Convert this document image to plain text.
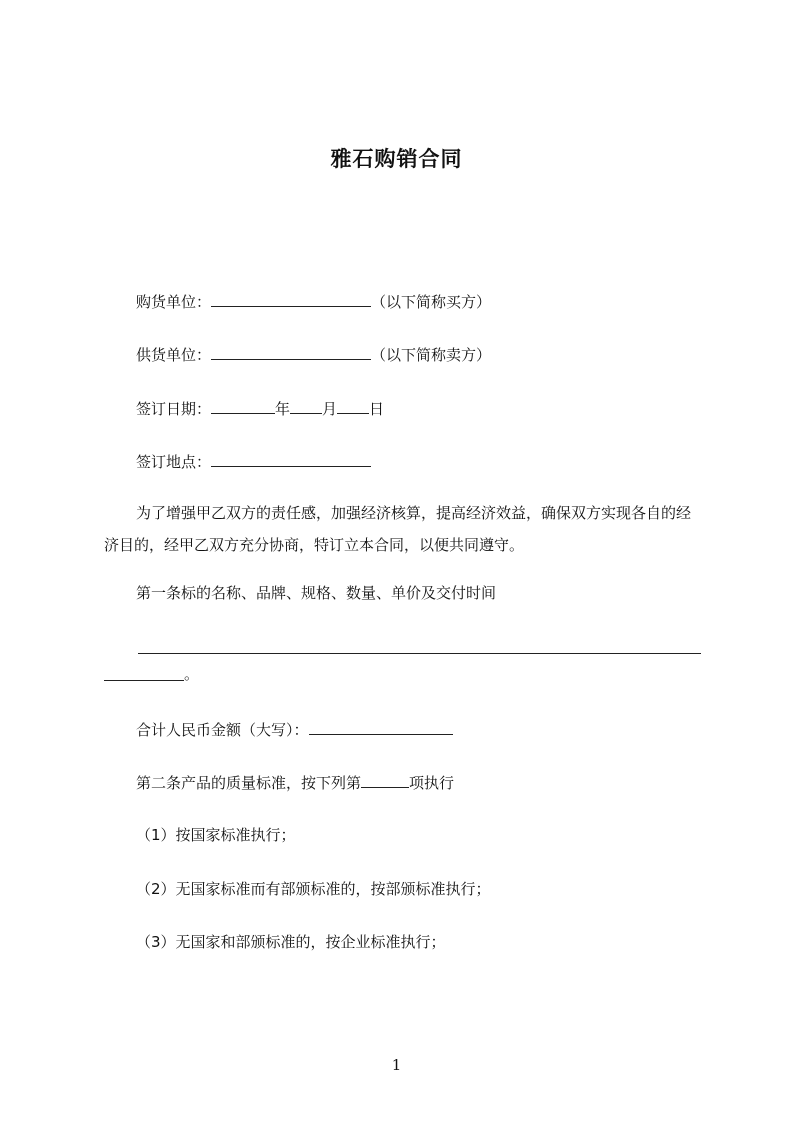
雅石购销合同
购货单位：	（以下简称买方）
供货单位：	（以下简称卖方）
签订日期：	年 月 日
签订地点：
为了增强甲乙双方的责任感，加强经济核算，提高经济效益，确保双方实现各自的经济目的，经甲乙双方充分协商，特订立本合同，以便共同遵守。
第一条标的名称、品牌、规格、数量、单价及交付时间
。
合计人民币金额（大写）：
第二条产品的质量标准，按下列第	项执行
（1）按国家标准执行；
（2）无国家标准而有部颁标准的，按部颁标准执行；
（3）无国家和部颁标准的，按企业标准执行；
1
